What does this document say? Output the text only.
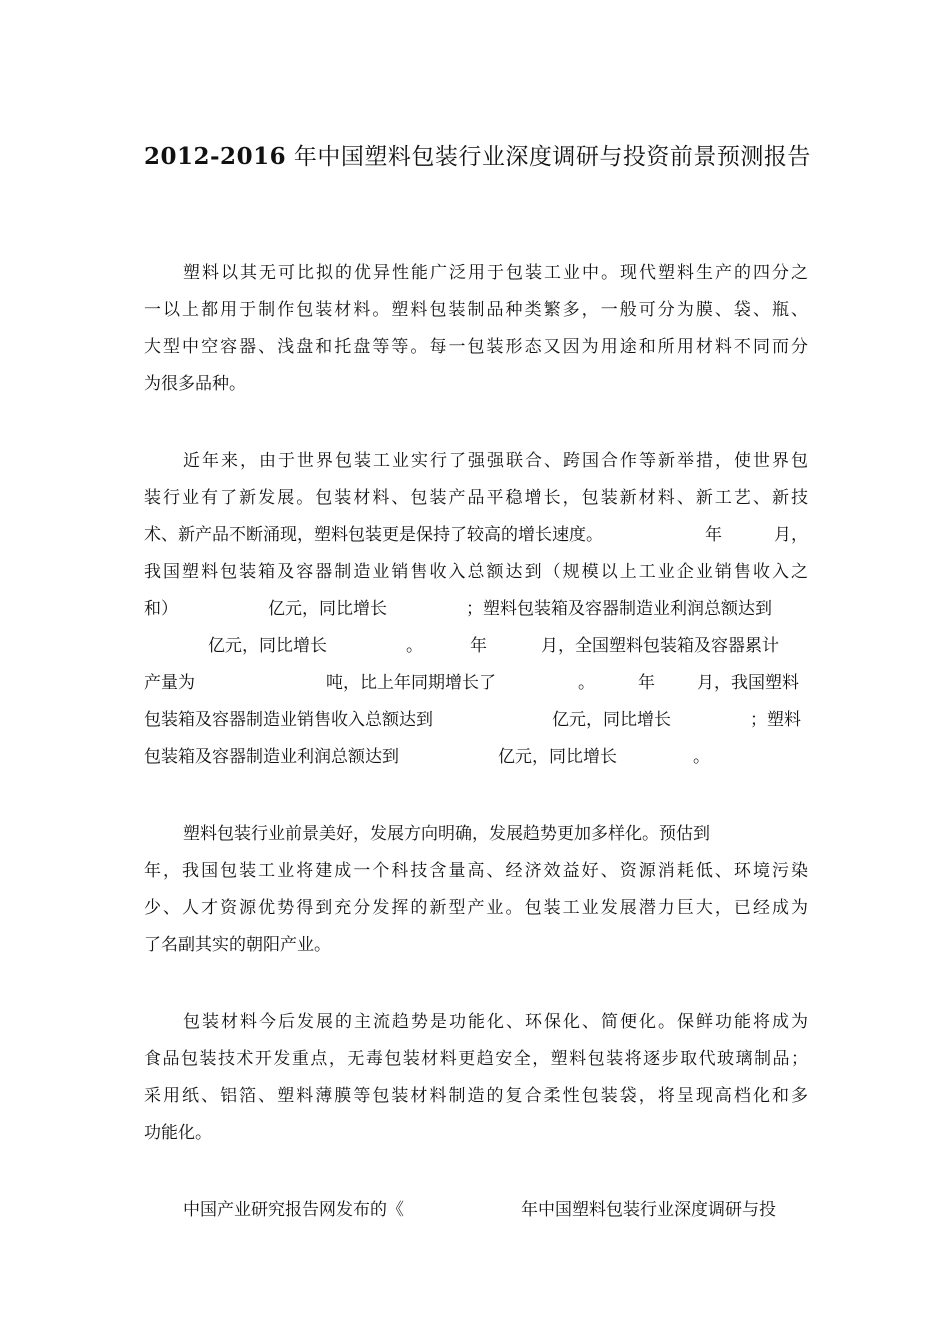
2012-2016 年中国塑料包装行业深度调研与投资前景预测报告
塑料以其无可比拟的优异性能广泛用于包装工业中。现代塑料生产的四分之
一以上都用于制作包装材料。塑料包装制品种类繁多，一般可分为膜、袋、瓶、
大型中空容器、浅盘和托盘等等。每一包装形态又因为用途和所用材料不同而分
为很多品种。
近年来，由于世界包装工业实行了强强联合、跨国合作等新举措，使世界包
装行业有了新发展。包装材料、包装产品平稳增长，包装新材料、新工艺、新技
术、新产品不断涌现，塑料包装更是保持了较高的增长速度。	年	月，
我国塑料包装箱及容器制造业销售收入总额达到（规模以上工业企业销售收入之
和）	亿元，同比增长	；塑料包装箱及容器制造业利润总额达到
亿元，同比增长	。	年	月，全国塑料包装箱及容器累计
产量为	吨，比上年同期增长了	。	年 月，我国塑料
包装箱及容器制造业销售收入总额达到	亿元，同比增长	；塑料
包装箱及容器制造业利润总额达到	亿元，同比增长	。
塑料包装行业前景美好，发展方向明确，发展趋势更加多样化。预估到
年，我国包装工业将建成一个科技含量高、经济效益好、资源消耗低、环境污染
少、人才资源优势得到充分发挥的新型产业。包装工业发展潜力巨大，已经成为
了名副其实的朝阳产业。
包装材料今后发展的主流趋势是功能化、环保化、简便化。保鲜功能将成为
食品包装技术开发重点，无毒包装材料更趋安全，塑料包装将逐步取代玻璃制品；
采用纸、铝箔、塑料薄膜等包装材料制造的复合柔性包装袋，将呈现高档化和多
功能化。
中国产业研究报告网发布的《	年中国塑料包装行业深度调研与投
